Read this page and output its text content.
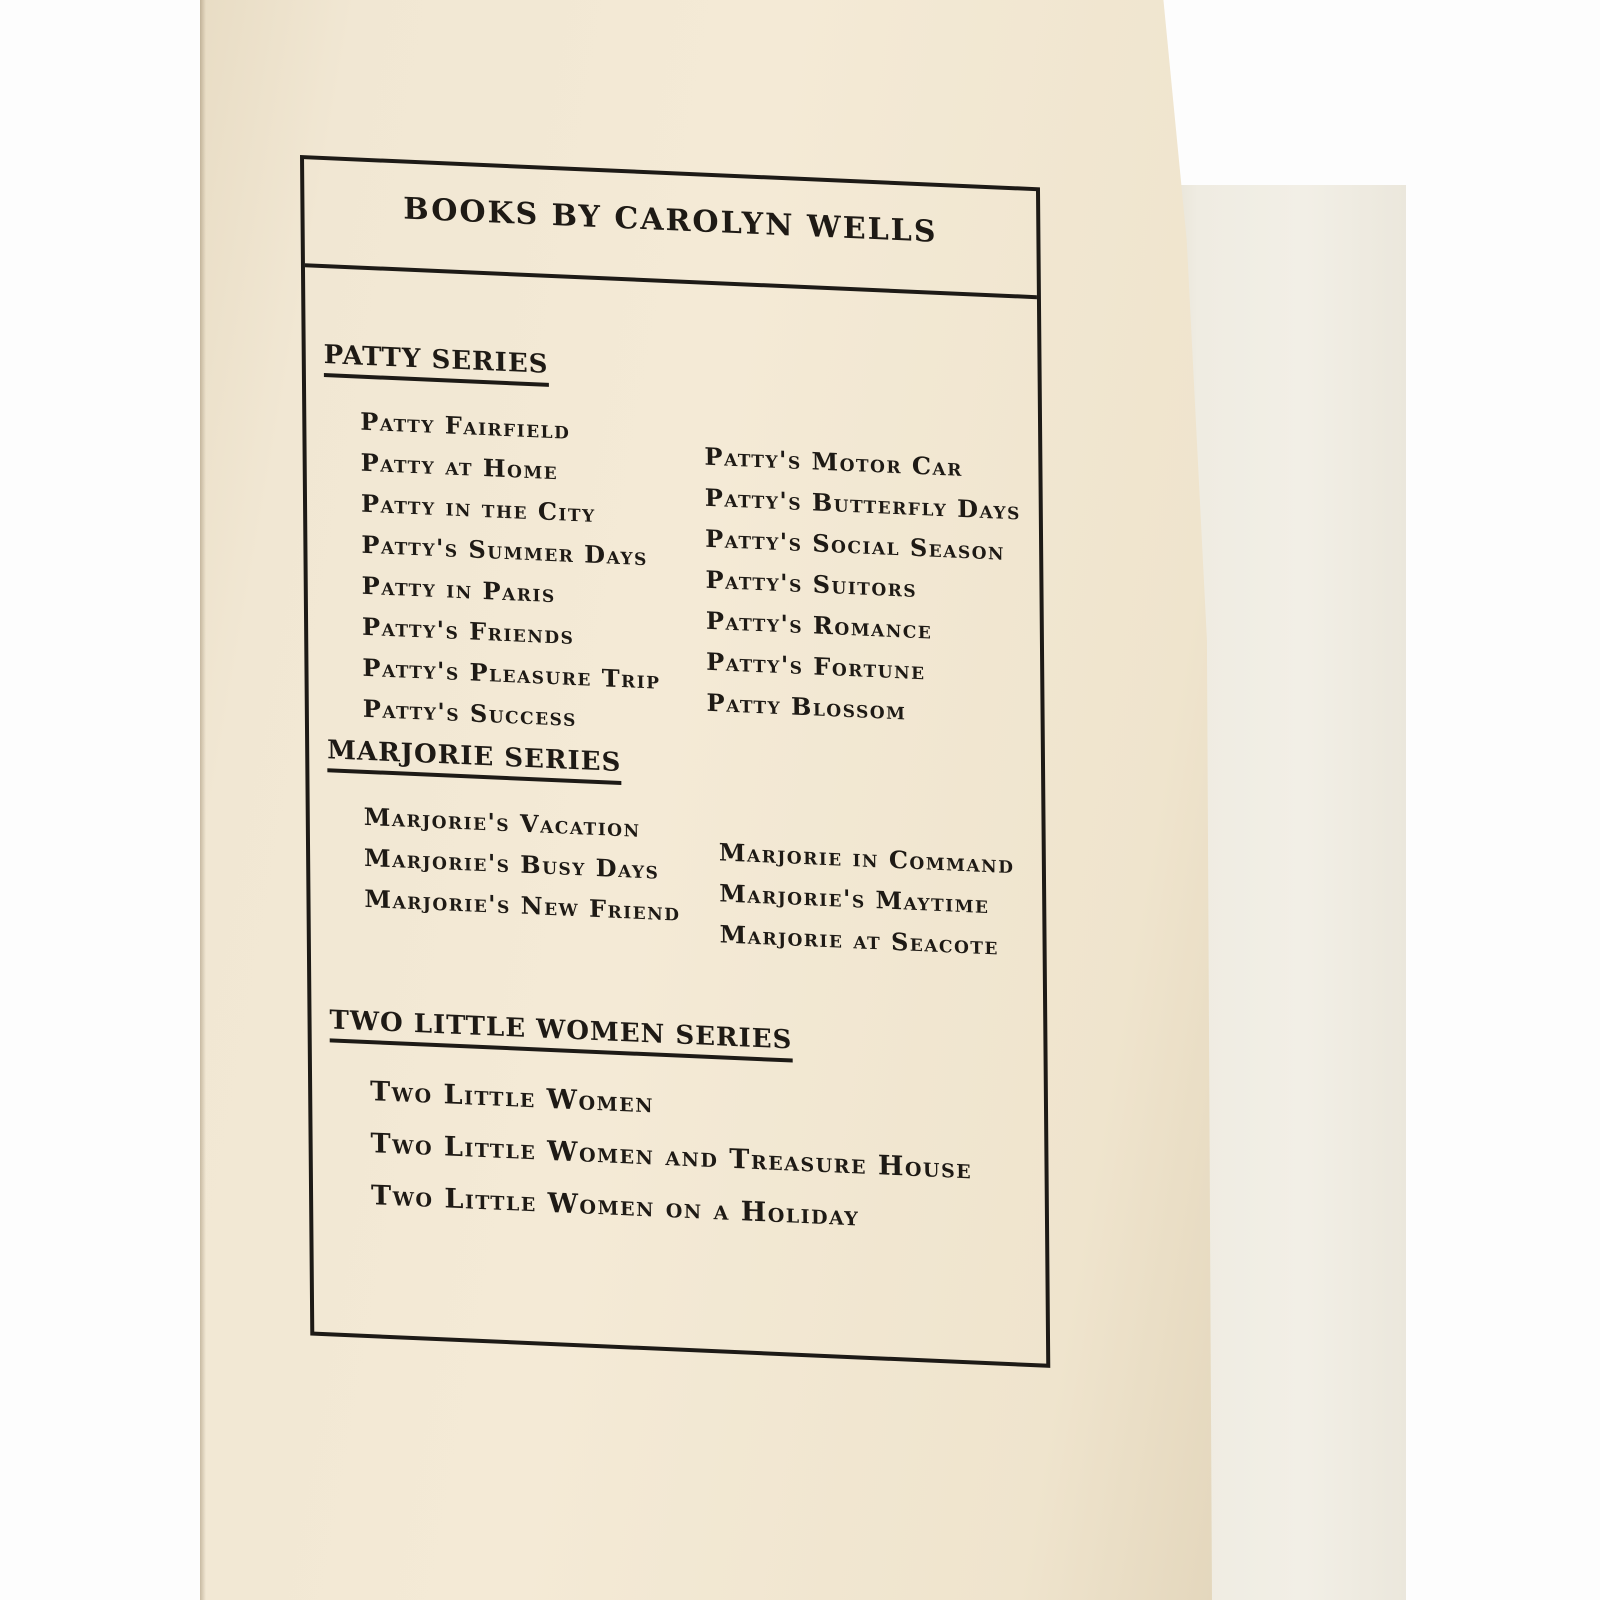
BOOKS BY CAROLYN WELLS
PATTY SERIES
Patty Fairfield
Patty at Home
Patty in the City
Patty's Summer Days
Patty in Paris
Patty's Friends
Patty's Pleasure Trip
Patty's Success
Patty's Motor Car
Patty's Butterfly Days
Patty's Social Season
Patty's Suitors
Patty's Romance
Patty's Fortune
Patty Blossom
MARJORIE SERIES
Marjorie's Vacation
Marjorie's Busy Days
Marjorie's New Friend
Marjorie in Command
Marjorie's Maytime
Marjorie at Seacote
TWO LITTLE WOMEN SERIES
Two Little Women
Two Little Women and Treasure House
Two Little Women on a Holiday
